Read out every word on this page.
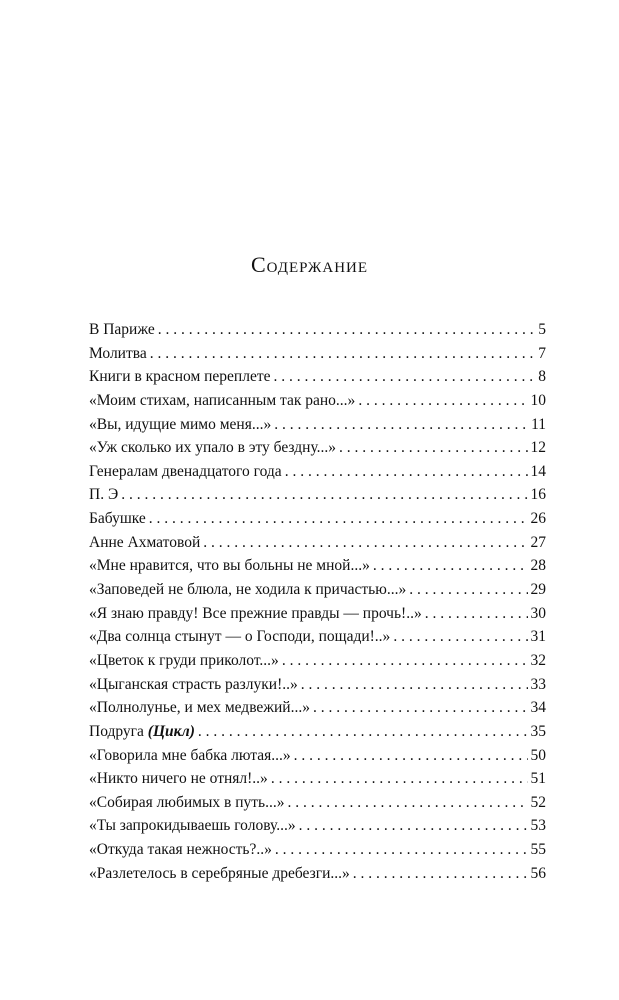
Содержание
В Париже . . .	5
Молитва . . .	7
Книги в красном переплете . . .	8
«Моим стихам, написанным так рано...» . . .	10
«Вы, идущие мимо меня...» . . .	11
«Уж сколько их упало в эту бездну...» . . .	12
Генералам двенадцатого года . . .	14
П. Э . . .	16
Бабушке . . .	26
Анне Ахматовой . . .	27
«Мне нравится, что вы больны не мной...» . . .	28
«Заповедей не блюла, не ходила к причастью...» . . .	29
«Я знаю правду! Все прежние правды — прочь!..» . . .	30
«Два солнца стынут — о Господи, пощади!..» . . .	31
«Цветок к груди приколот...» . . .	32
«Цыганская страсть разлуки!..» . . .	33
«Полнолунье, и мех медвежий...» . . .	34
Подруга (Цикл) . . .	35
«Говорила мне бабка лютая...» . . .	50
«Никто ничего не отнял!..» . . .	51
«Собирая любимых в путь...» . . .	52
«Ты запрокидываешь голову...» . . .	53
«Откуда такая нежность?..» . . .	55
«Разлетелось в серебряные дребезги...» . . .	56
